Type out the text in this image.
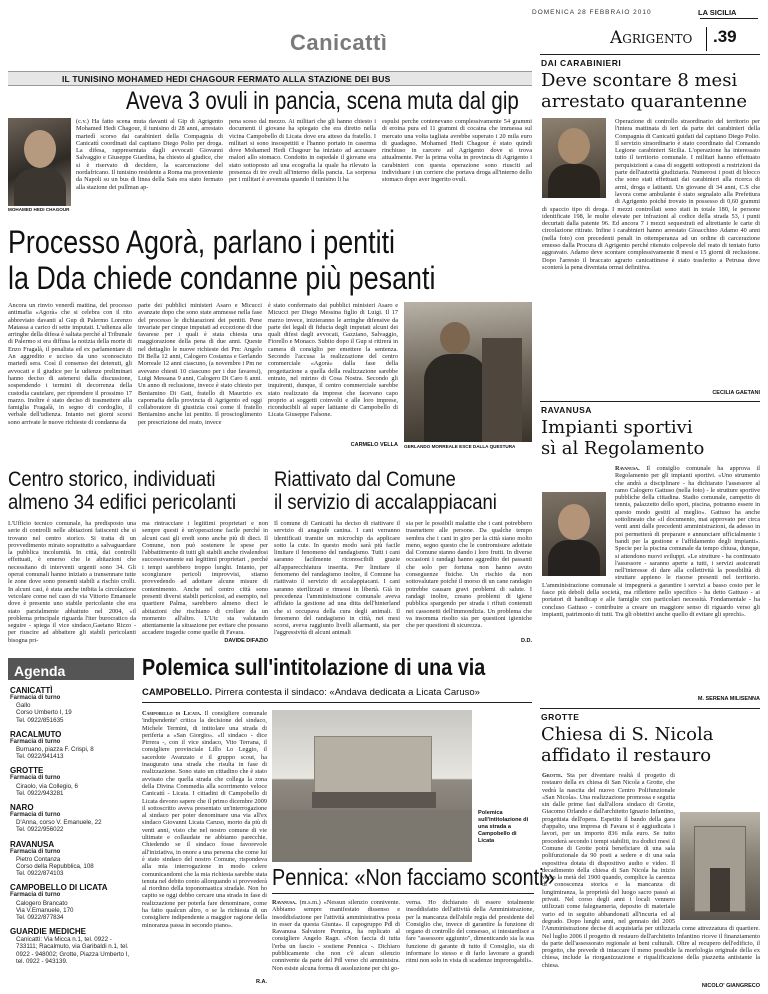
DOMENICA 28 FEBBRAIO 2010	LA SICILIA
Canicattì	Agrigento	.39
IL TUNISINO MOHAMED HEDI CHAGOUR FERMATO ALLA STAZIONE DEI BUS
Aveva 3 ovuli in pancia, scena muta dal gip
MOHAMED HEDI CHAGOUR
(c.v.) Ha fatto scena muta davanti al Gip di Agrigento Mohamed Hedi Chagour, il tunisino di 28 anni, arrestato martedì scorso dai carabinieri della Compagnia di Canicattì coordinati dal capitano Diego Polio per droga. La difesa, rappresentata dagli avvocati Giovanni Salvaggio e Giuseppe Giardina, ha chiesto al giudice, che si è riservato di decidere, la scarcerazione del nordafricano. Il tunisino residente a Roma ma proveniente da Napoli su un bus di linea della Sais era stato fermato alla stazione dei pullman ap-
pena sceso dal mezzo. Ai militari che gli hanno chiesto i documenti il giovane ha spiegato che era diretto nella vicina Campobello di Licata dove era atteso da fratello. I militari si sono insospettiti e l'hanno portato in caserma dove Mohamed Hedi Chagour ha iniziato ad accusare malori allo stomaco. Condotto in ospedale il giovane era stato sottoposto ad una ecografia la quale ha rilevato la presenza di tre ovuli all'interno della pancia. La sorpresa per i militari è avvenuta quando il tunisino li ha
espulsi perche contenevano complessivamente 54 grammi di eroina pura ed 11 grammi di cocaina che immessa sul mercato una volta tagliata avrebbe superato i 20 mila euro di guadagno. Mohamed Hedi Chagour è stato quindi rinchiuso in carcere ad Agrigento dove si trova attualmente. Per la prima volta in provincia di Agrigento i carabinieri con questa operazione sono riusciti ad individuare i un corriere che portava droga all'interno dello stomaco dopo aver ingerito ovuli.
Processo Agorà, parlano i pentiti
la Dda chiede condanne più pesanti
Ancora un rinvio venerdì mattina, del processo antimafia «Agorà» che si celebra con il rito abbreviato davanti al Gup di Palermo Lorenzo Matassa a carico di sette imputati. L'udienza alle arringhe della difesa è saltata perché al Tribunale di Palermo si era diffusa la notizia della morte di Enzo Fragalà, il penalista ed ex parlamentare di An aggredito e ucciso da uno sconosciuto martedì sera. Così il consenso dei detenuti, gli avvocati e il giudice per le udienze preliminari hanno deciso di astenersi dalla discussione, sospendendo i termini di decorrenza della custodia cautelare, per riprendere il prossimo 17 marzo. Inoltre è stato deciso di trasmettere alla famiglia Fragalà, in segno di cordoglio, il verbale dell'udienza. Intanto nei giorni scorsi sono arrivate le nuove richieste di condanna da
parte dei pubblici ministeri Asaro e Micucci avanzate dopo che sono state ammesse nella fase del processo le dichiarazioni dei pentiti. Pene invariate per cinque imputati ad eccezione di due favarese per i quali è stata chiesta una maggiorazione della pena di due anni. Queste nel dettaglio le nuove richieste dei Pm: Angelo Di Bella 12 anni, Calogero Costanza e Gerlando Morreale 12 anni ciascuno, (a novembre i Pm ne avevano chiesti 10 ciascuno per i due favaresi), Luigi Messana 9 anni, Calogero Di Caro 6 anni. Un anno di reclusione, invece è stato chiesto per Beniamino Di Gati, fratello di Maurizio ex capomafia della provincia di Agrigento ed oggi collaboratore di giustizia così come il fratello Beniamino anche lui pentito. Il proscioglimento per prescrizione del reato, invece
è stato confermato dai pubblici ministeri Asaro e Micucci per Diego Messina figlio di Luigi. Il 17 marzo invece, inizieranno le arringhe difensive da parte dei legali di fiducia degli imputati alcuni dei quali difesi dagli avvocati, Gazziano, Salvaggio, Fiorello e Monaco. Subito dopo il Gup si ritirerà in camera di consiglio per emettere la sentenza. Secondo l'accusa la realizzazione del centro commerciale «Agorà» dalla fase della progettazione a quella della realizzazione sarebbe entrato, nel mirino di Cosa Nostra. Secondo gli inquirenti, dunque, il centro commerciale sarebbe stato realizzato da imprese che facevano capo proprio ai soggetti coinvolti e alle loro imprese, riconducibili al super latitante di Campobello di Licata Giuseppe Falsone.
CARMELO VELLA GERLANDO MORREALE ESCE DALLA QUESTURA
Centro storico, individuati
almeno 34 edifici pericolanti
L'Ufficio tecnico comunale, ha predisposto una serie di controlli nelle abitazioni fatiscenti che si trovano nel centro storico. Si tratta di un provvedimento mirato soprattutto a salvaguardare la pubblica incolumità. In città, dai controlli effettuati, è emerso che le abitazioni che necessitano di interventi urgenti sono 34. Gli operai comunali hanno iniziato a transennare tutte le zone dove sono presenti stabili a rischio crolli. In alcuni casi, è stata anche inibita la circolazione veicolare come nel caso di via Vittorio Emanuele dove è presente uno stabile pericolante che era stato parzialmente abbattuto nel 2004, «il problema principale riguarda l'iter burocratico da seguire - spiega il vice sindaco,Gaetano Rizzo - per riuscire ad abbattere gli stabili pericolanti bisogna pri-
ma rintracciare i legittimi proprietari e non sempre questi è un'operazione facile perché in alcuni casi gli eredi sono anche più di dieci. Il Comune, non può sostenere le spese per l'abbattimento di tutti gli stabili anche rivalendosi successivamente sui legittimi proprietari , perché i tempi sarebbero troppo lunghi. Intanto, per scongiurare pericoli improvvisi, stiamo provvedendo ad adottare alcune misure di contenimento. Anche nel centro città sono presenti diversi stabili pericolosi, ad esempio, nel quartiere Palma, sarebbero almeno dieci le abitazioni che rischiano di crollare da un momento all'altro. L'Utc sta valutando attentamente la situazione per evitare che possano accadere tragedie come quelle di Favara.
DAVIDE DIFAZIO
Riattivato dal Comune
il servizio di accalappiacani
Il comune di Canicattì ha deciso di riattivare il servizio di anagrafe canina. I cani verranno identificati tramite un microchip da applicare sotto la cute. In questo modo sarà più facile limitare il fenomeno del randagismo. Tutti i cani saranno facilmente riconoscibili grazie all'apparecchiatura inserita. Per limitare il fenomeno del randagismo inoltre, il Comune ha riattivato il servizio di accalappiacani. I cani saranno sterilizzati e rimessi in libertà. Già in precedenza l'amministrazione comunale aveva affidato la gestione ad una ditta dell'hinterland che si occupava della cura degli animali. Il fenomeno del randagismo in città, nei mesi scorsi, aveva raggiunto livelli allarmanti, sia per l'aggressività di alcuni animali
sia per le possibili malattie che i cani potrebbero trasmettere alle persone. Da qualche tempo sembra che i cani in giro per la città siano molto meno, segno questo che le contromisure adottate dal Comune stanno dando i loro frutti. In diverse occasioni i randagi hanno aggredito dei passanti che solo per fortuna non hanno avuto conseguenze fisiche. Un rischio da non sottovalutare poiché il morso di un cane randagio potrebbe causare gravi problemi di salute. I randagi inoltre, creano problemi di igiene pubblica spargendo per strada i rifiuti contenuti nei cassonetti dell'immondizia. Un problema che va insomma risolto sia per questioni igieniche che per questioni di sicurezza.
D.D.
Agenda
CANICATTÌ
Farmacia di turno
Gallo
Corso Umberto I, 19
Tel. 0922/851635
RACALMUTO
Farmacia di turno
Burruano, piazza F. Crispi, 8
Tel. 0922/941413
GROTTE
Farmacia di turno
Ciraolo, via Collegio, 6
Tel. 0922/943281
NARO
Farmacia di turno
D'Anna, corso V. Emanuele, 22
Tel. 0922/956022
RAVANUSA
Farmacia di turno
Pietro Contanza
Corso della Repubblica, 108
Tel. 0922/874103
CAMPOBELLO DI LICATA
Farmacia di turno
Calogero Brancato
Via V.Emanuele, 170
Tel. 0922/877834
GUARDIE MEDICHE
Canicattì: Via Micca n.1, tel. 0922 - 733111; Racalmuto, via Garibaldi n.1, tel. 0922 - 948002; Grotte, Piazza Umberto I, tel. 0922 - 943139.
Polemica sull'intitolazione di una via
CAMPOBELLO. Pirrera contesta il sindaco: «Andava dedicata a Licata Caruso»
Campobello di Licata. Il consigliere comunale 'indipendente' critica la decisione del sindaco, Michele Termini, di intitolare una strada di periferia a «San Giorgio». «Il sindaco - dice Pirrera -, con il vice sindaco, Vito Terrana, il consigliere provinciale Lillo Lo Leggio, il sacerdote Avanzato e il gruppo scout, ha inaugurato una strada che risulta in fase di realizzazione. Sono stato un cittadino che è stato avvisato che quella strada che collega la zona della Divina Commedia alla scorrimento veloce Canicattì - Licata. I cittadini di Campobello di Licata devono sapere che il primo dicembre 2009 il sottoscritto aveva presentato un'interrogazione al sindaco per poter denominare una via all'ex sindaco Giovanni Licata Caruso, morto da più di venti anni, visto che nel nostro comune di vie ultimate e collaudate ne abbiamo parecchie. Chiedendo se il sindaco fosse favorevole all'iniziativa, in onore a una persona che come lui è stato sindaco del nostro Comune, rispondeva alla mia interrogazione in modo celere comunicandomi che la mia richiesta sarebbe stata tenuta nel debito conto allorquando si provvederà al riordino della toponomastica stradale. Non ho capito se oggi debbo cercare una strada in fase di realizzazione per poterla fare denominare, come ha fatto qualcun altro, o se la richiesta di un consigliere indipendente a maggior ragione della minoranza passa in secondo piano».
R.A.
Polemica sull'intitolazione di una strada a Campobello di Licata
Pennica: «Non facciamo sconti»
Ravanusa. (m.s.m.) «Nessun silenzio connivente. Abbiamo sempre manifestato dissenso e insoddisfazione per l'attività amministrativa posta in esser da questa Giunta». Il capogruppo Pdl di Ravanusa Salvatore Pennica, ha replicato al consigliere Angelo Ragn. «Non faccia di tutta l'erba un fascio - sostiene Pennica -. Dichiaro pubblicamente che non c'è alcun silenzio connivente da parte del Pdl verso chi amministra. Non esiste alcuna forma di assoluzione per chi go-
verna. Ho dichiarato di essere totalmente insoddisfatto dell'attività della Amministrazione, per la mancanza dell'abile regia del presidente del Consiglio che, invece di garantire la funzione di organo di controllo del consesso, si intestardisce a fare "assessore aggiunto", dimenticando sia la sua funzione di garante di tutto il Consiglio, sia di informare lo stesso e di farlo lavorare a grandi ritmi non solo in vista di scadenze improrogabili».
DAI CARABINIERI
Deve scontare 8 mesi
arrestato quarantenne
Operazione di controllo straordinario del territorio per l'intera mattinata di ieri da parte dei carabinieri della Compagnia di Canicattì guidati dal capitano Diego Polio. Il servizio straordinario è stato coordinato dal Comando Legione carabinieri Sicilia. L'operazione ha interessato tutto il territorio comunale. I militari hanno effettuato perquisizioni a casa di soggetti sottoposti a restrizioni da parte dell'autorità giudiziaria. Numerosi i posti di blocco che sono stati effettuati dai carabinieri alla ricerca di armi, droga e latitanti. Un giovane di 34 anni, C.S che lavora come ambulante è stato segnalato alla Prefettura di Agrigento poiché trovato in possesso di 0,60 grammi di spaccio tipo di droga. I mezzi controllati sono stati in totale 180, le persone identificate 198, le multe elevate per infrazioni al codice della strada 53, i punti decurtati dalla patente 96. Ed ancora 7 i mezzi sequestrati ed altrettante le carte di circolazione ritirate. Infine i carabinieri hanno arrestato Gioacchino Adamo 40 anni (nella foto) con precedenti penali in ottemperanza ad un ordine di carcerazione emesso dalla Procura di Agrigento perché ritenuto colpevole del reato di tentato furto aggravato. Adamo deve scontare complessivamente 8 mesi e 15 giorni di reclusione. Dopo l'arresto il braccato agrario canicattinese è stato trasferito a Petrusa dove sconterà la pena diventata ormai definitiva.
CECILIA GAETANI
RAVANUSA
Impianti sportivi
sì al Regolamento
Ravanusa. Il consiglio comunale ha approva il Regolamento per gli impianti sportivi. «Uno strumento che andrà a disciplinare - ha dichiarato l'assessore al ramo Calogero Gattuso (nella foto) - le strutture sportive pubbliche della cittadina. Stadio comunale, campetto di tennis, palazzetto dello sport, piscina, potranno essere in questo modo gestiti al meglio». Gattuso ha anche sottolineato che «il documento, mai approvato per circa venti anni dalle precedenti amministrazioni, da adesso in poi permetterà di preparare e annunciare ufficialmente i bandi per la gestione e l'affidamento degli impianti». Specie per la piscina comunale da tempo chiusa, dunque, si attendono nuovi sviluppi. «Le strutture - ha continuato l'assessore - saranno aperte a tutti, i servizi assicurati nell'interesse di dare alla collettività la possibilità di struttare appieno le risorse presenti nel territorio. L'amministrazione comunale si impegnerà a garantire i servizi a basso costo per le fasce più deboli della società, ma riflettere nello specifico - ha detto Gattuso - ai portatori di handicap e alle famiglie con particolari necessità. Fondamentale - ha concluso Gattuso - contribuire a creare un maggiore senso di riguardo verso gli impianti, patrimonio di tutti. Tra gli obiettivi anche quello di evitare gli sprechi».
M. SERENA MILISENNA
GROTTE
Chiesa di S. Nicola
affidato il restauro
Grotte. Sta per diventare realtà il progetto di restauro della ex chiesa di San Nicola a Grotte, che vedrà la nascita del nuovo Centro Polifunzionale «San Nicola». Una realizzazione promossa e seguita sin dalle prime fasi dall'allora sindaco di Grotte, Giacomo Orlando e dall'architetto Ignazio Infantino, progettista dell'opera. Espetito il bando della gara d'appalto, una impresa di Favara si è aggiudicata i lavori, per un importo 836 mila euro. Se tutto procederà secondo i tempi stabiliti, tra dodici mesi il Comune di Grotte potrà beneficiare di una sala polifunzionale da 90 posti a sedere e di una sala espositiva dotata di dispositivo audio e video. Il decadimento della chiesa di San Nicola ha inizio verso la metà del 1900 quando, complice la carenza di conoscenza storica e la mancanza di lungimiranza, la proprietà del luogo sacro passò ai privati. Nel corso degli anni i locali vennero utilizzati come falegnameria, deposito di materiale vario ed in seguito abbandonati all'incuria ed al degrado. Dopo lunghi anni, nel gennaio del 2005 l'Amministrazione decise di acquistarla per utilizzarla come attrezzatura di quartiere. Nel luglio 2006 il progetto di restauro dell'architetto Infantino riceve il finanziamento da parte dell'assessorato regionale ai beni culturali. Oltre al recupero dell'edificio, il progetto, che prevede di intaccare il meno possibile la morfologia originale della ex chiesa, include la riorganizzazione e riqualificazione della piazzetta antistante la chiesa.
NICOLO' GIANGRECO
